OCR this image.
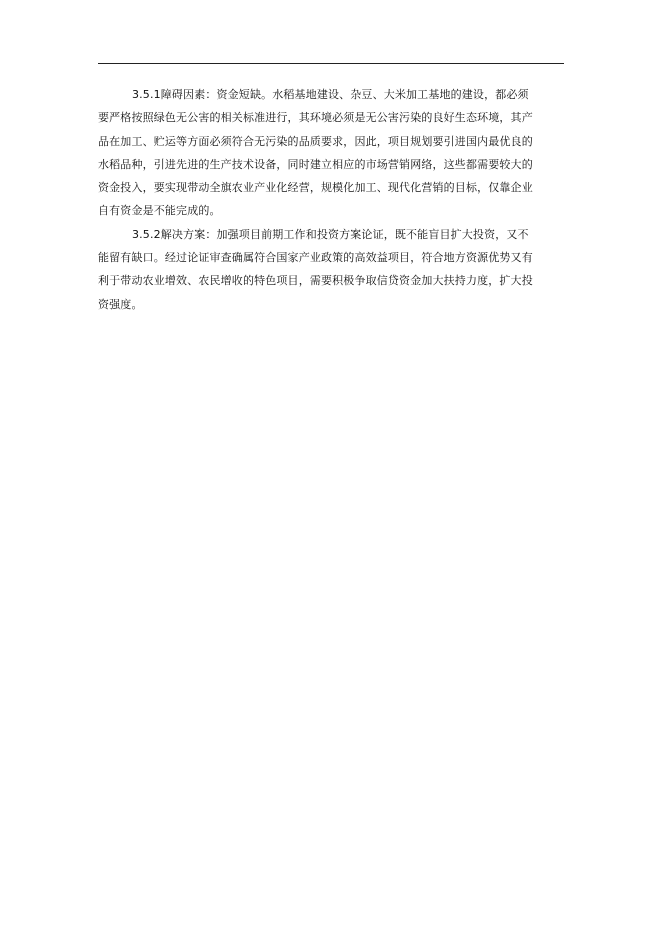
3.5.1障碍因素：资金短缺。水稻基地建设、杂豆、大米加工基地的建设，都必须
要严格按照绿色无公害的相关标准进行，其环境必须是无公害污染的良好生态环境，其产
品在加工、贮运等方面必须符合无污染的品质要求，因此，项目规划要引进国内最优良的
水稻品种，引进先进的生产技术设备，同时建立相应的市场营销网络，这些都需要较大的
资金投入，要实现带动全旗农业产业化经营，规模化加工、现代化营销的目标，仅靠企业
自有资金是不能完成的。
3.5.2解决方案：加强项目前期工作和投资方案论证，既不能盲目扩大投资，又不
能留有缺口。经过论证审查确属符合国家产业政策的高效益项目，符合地方资源优势又有
利于带动农业增效、农民增收的特色项目，需要积极争取信贷资金加大扶持力度，扩大投
资强度。
